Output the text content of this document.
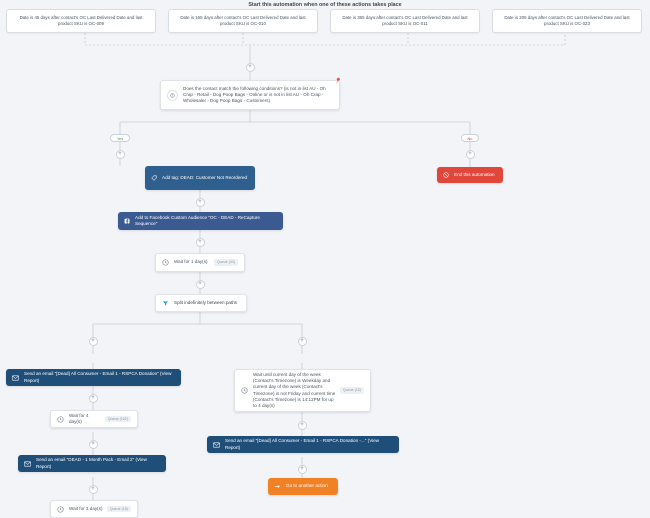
Start this automation when one of these actions takes place
Date is 45 days after contact's OC Last Delivered Date and last product SKU is OC-009
Date is 165 days after contact's OC Last Delivered Date and last product SKU is OC-010
Date is 365 days after contact's OC Last Delivered Date and last product SKU is OC-011
Date is 205 days after contact's OC Last Delivered Date and last product SKU is OC-023
+
Does the contact match the following conditions? (is not in list AU - Oh Crap - Retail - Dog Poop Bags - Online or is not in list AU - Oh Crap - Wholesaler - Dog Poop Bags - Customers)
📍
Yes	No
+	+
Add tag: DEAD: Customer Not Reordered
End this automation
+
Add to Facebook Custom Audience "OC - DEAD - ReCapture Sequence"
+
Wait for 1 day(s)	Queue (43)
+
Split indefinitely between paths
+	+
Send an email "[Dead] All Consumer - Email 1 - RSPCA Donation" (View Report)
+
Wait for 4 day(s)
Queue (102)
+
Send an email "DEAD - 1 Month Pack - Email 2" (View Report)
+
Wait for 3 day(s)	Queue (15)
Wait until current day of the week (Contact's Timezone) is Weekday and current day of the week (Contact's Timezone) is not Friday and current time (Contact's Timezone) is 14:12PM for up to 4 day(s)
Queue (15)
+
Send an email "[Dead] All Consumer - Email 1 - RSPCA Donation -..." (View Report)
+
Go to another action
